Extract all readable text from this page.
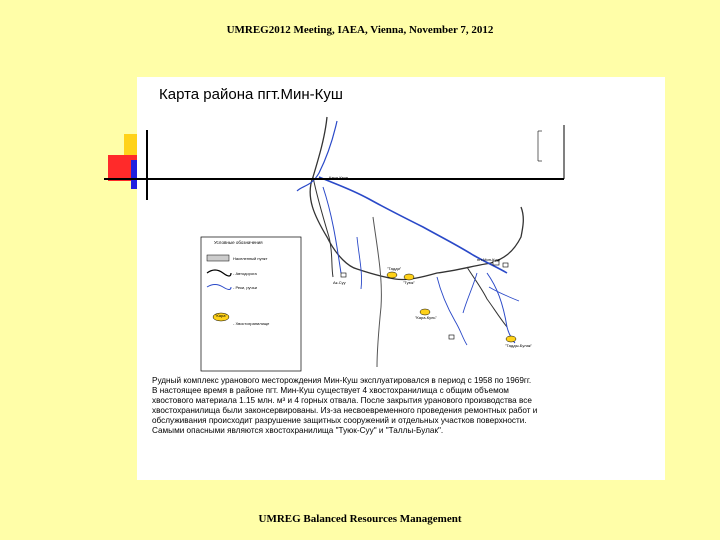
UMREG2012 Meeting, IAEA, Vienna, November 7, 2012
Карта района пгт.Мин-Куш
Условные обозначения
Населенный пункт
- Автодорога
- Реки, ручьи
"Кара"
- Хвостохранилище
пгт.Мин-Куш
"Тадди"
"Туюк"
"Тадды-Булак"
"Кара-Куль"
Ак-Суу

Рудный комплекс уранового месторождения Мин-Куш эксплуатировался в период с 1958 по 1969гг.

В настоящее время в районе пгт. Мин-Куш существует 4 хвостохранилища с общим объемом

хвостового материала 1.15 млн. м³ и 4 горных отвала. После закрытия уранового производства все

хвостохранилища были законсервированы. Из-за несвоевременного проведения ремонтных работ и

обслуживания происходит разрушение защитных сооружений и отдельных участков поверхности.

Самыми опасными являются хвостохранилища "Туюк-Суу" и "Таллы-Булак".

UMREG Balanced Resources Management
